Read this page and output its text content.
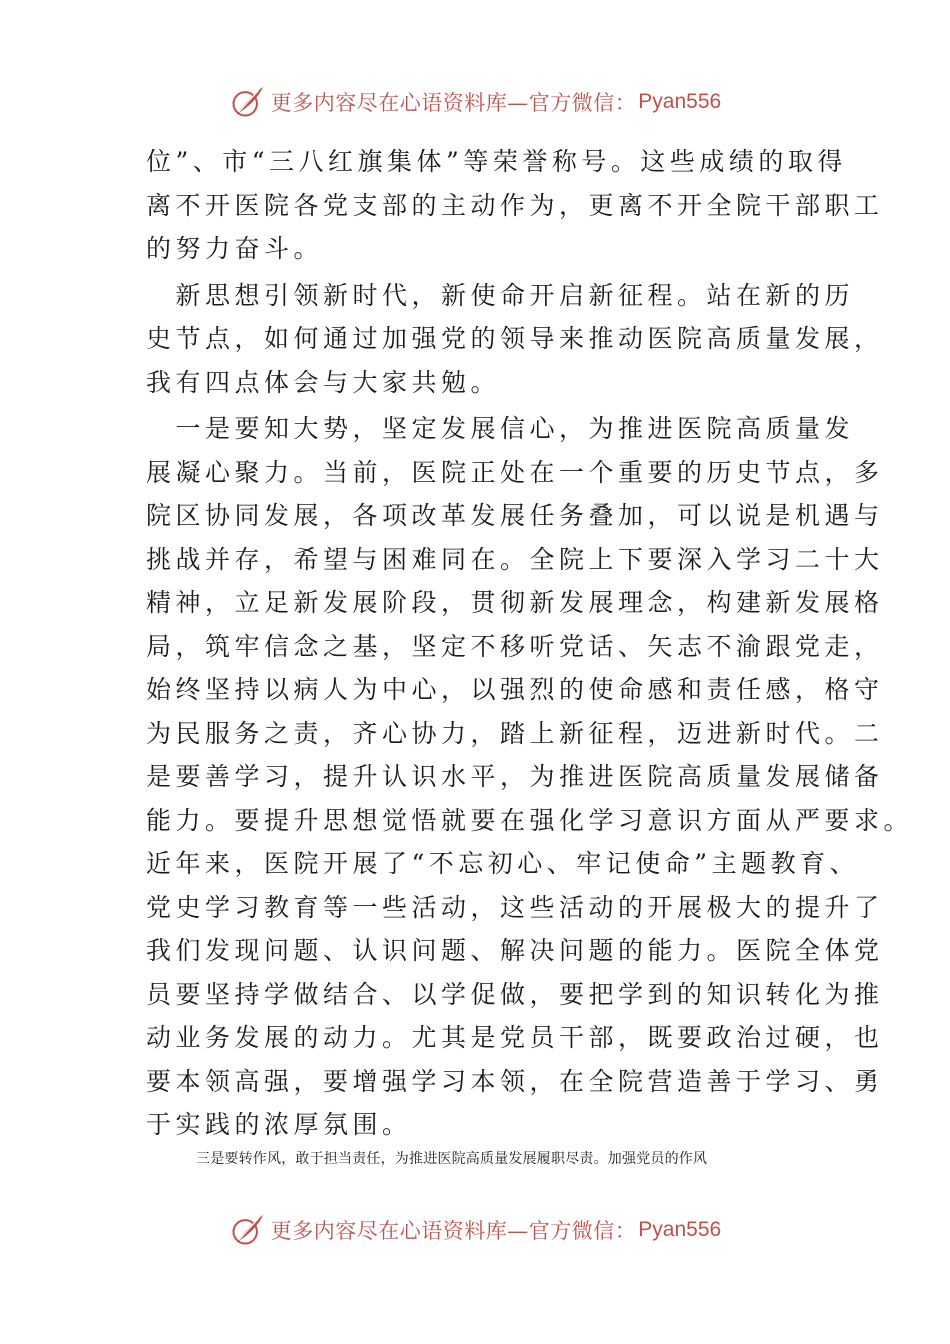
更多内容尽在心语资料库—官方微信： Pyan556
位”、市“三八红旗集体”等荣誉称号。这些成绩的取得
离不开医院各党支部的主动作为，更离不开全院干部职工
的努力奋斗。
　新思想引领新时代，新使命开启新征程。站在新的历
史节点，如何通过加强党的领导来推动医院高质量发展，
我有四点体会与大家共勉。
　一是要知大势，坚定发展信心，为推进医院高质量发
展凝心聚力。当前，医院正处在一个重要的历史节点，多
院区协同发展，各项改革发展任务叠加，可以说是机遇与
挑战并存，希望与困难同在。全院上下要深入学习二十大
精神，立足新发展阶段，贯彻新发展理念，构建新发展格
局，筑牢信念之基，坚定不移听党话、矢志不渝跟党走，
始终坚持以病人为中心，以强烈的使命感和责任感，格守
为民服务之责，齐心协力，踏上新征程，迈进新时代。二
是要善学习，提升认识水平，为推进医院高质量发展储备
能力。要提升思想觉悟就要在强化学习意识方面从严要求。
近年来，医院开展了“不忘初心、牢记使命”主题教育、
党史学习教育等一些活动，这些活动的开展极大的提升了
我们发现问题、认识问题、解决问题的能力。医院全体党
员要坚持学做结合、以学促做，要把学到的知识转化为推
动业务发展的动力。尤其是党员干部，既要政治过硬，也
要本领高强，要增强学习本领，在全院营造善于学习、勇
于实践的浓厚氛围。
三是要转作风，敢于担当责任，为推进医院高质量发展履职尽责。加强党员的作风
更多内容尽在心语资料库—官方微信： Pyan556
